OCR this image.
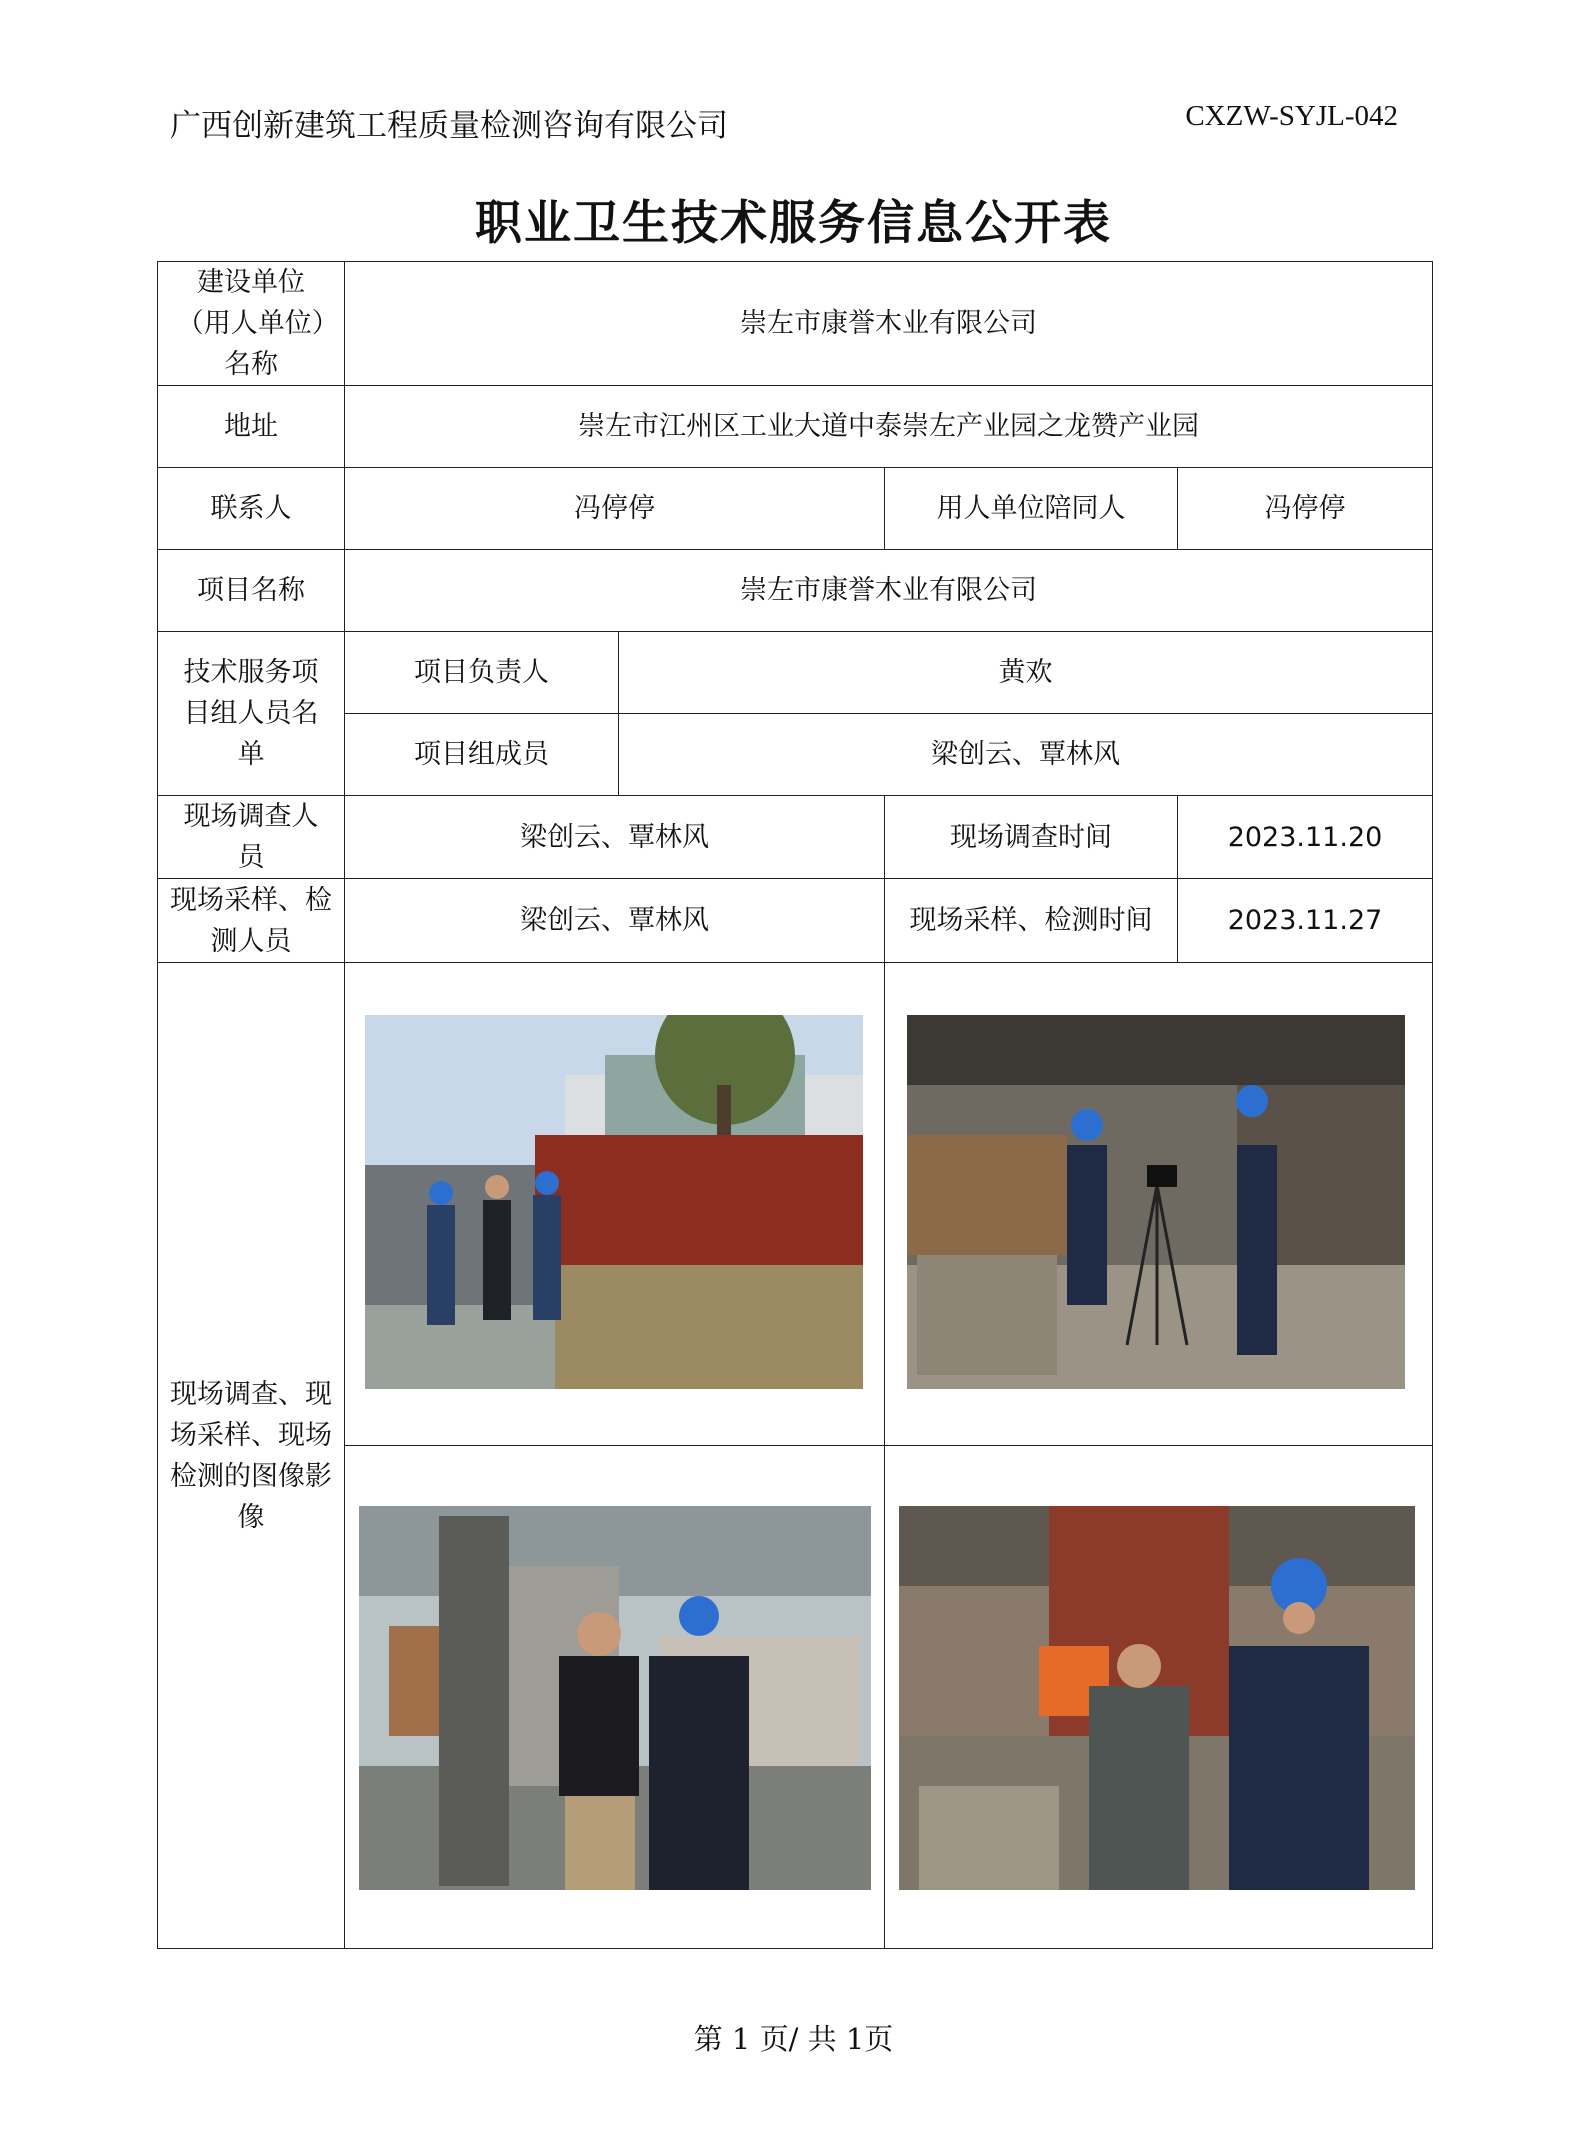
广西创新建筑工程质量检测咨询有限公司	CXZW-SYJL-042
职业卫生技术服务信息公开表
建设单位（用人单位）名称	崇左市康誉木业有限公司			
地址	崇左市江州区工业大道中泰崇左产业园之龙赞产业园			
联系人	冯停停		用人单位陪同人	冯停停
项目名称	崇左市康誉木业有限公司			
技术服务项目组人员名单	项目负责人	黄欢		
	项目组成员	梁创云、覃林风		
现场调查人员	梁创云、覃林风		现场调查时间	2023.11.20
现场采样、检测人员	梁创云、覃林风		现场采样、检测时间	2023.11.27
现场调查、现场采样、现场检测的图像影像	

第 1 页/ 共 1页
